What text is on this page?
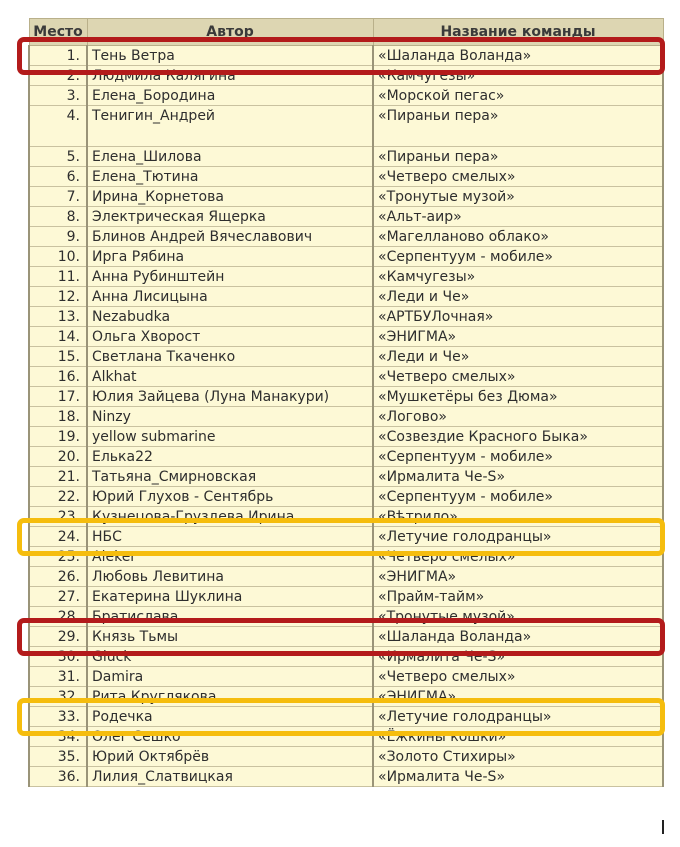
Место	Автор	Название команды
1.	Тень Ветра	«Шаланда Воланда»
2.	Людмила Калягина	«Камчугезы»
3.	Елена_Бородина	«Морской пегас»
4.	Тенигин_Андрей	«Пираньи пера»
5.	Елена_Шилова	«Пираньи пера»
6.	Елена_Тютина	«Четверо смелых»
7.	Ирина_Корнетова	«Тронутые музой»
8.	Электрическая Ящерка	«Альт-аир»
9.	Блинов Андрей Вячеславович	«Магелланово облако»
10.	Ирга Рябина	«Серпентуум - мобиле»
11.	Анна Рубинштейн	«Камчугезы»
12.	Анна Лисицына	«Леди и Че»
13.	Nezabudka	«АРТБУЛочная»
14.	Ольга Хворост	«ЭНИГМА»
15.	Светлана Ткаченко	«Леди и Че»
16.	Alkhat	«Четверо смелых»
17.	Юлия Зайцева (Луна Манакури)	«Мушкетёры без Дюма»
18.	Ninzy	«Логово»
19.	yellow submarine	«Созвездие Красного Быка»
20.	Елька22	«Серпентуум - мобиле»
21.	Татьяна_Смирновская	«Ирмалита Че-S»
22.	Юрий Глухов - Сентябрь	«Серпентуум - мобиле»
23.	Кузнецова-Груздева Ирина	«Вѣтрило»
24.	НБС	«Летучие голодранцы»
25.	Aleker	«Четверо смелых»
26.	Любовь Левитина	«ЭНИГМА»
27.	Екатерина Шуклина	«Прайм-тайм»
28.	Братислава	«Тронутые музой»
29.	Князь Тьмы	«Шаланда Воланда»
30.	Gluck	«Ирмалита Че-S»
31.	Damira	«Четверо смелых»
32.	Рита Круглякова	«ЭНИГМА»
33.	Родечка	«Летучие голодранцы»
34.	Олег Сешко	«Ёжкины кошки»
35.	Юрий Октябрёв	«Золото Стихиры»
36.	Лилия_Слатвицкая	«Ирмалита Че-S»
